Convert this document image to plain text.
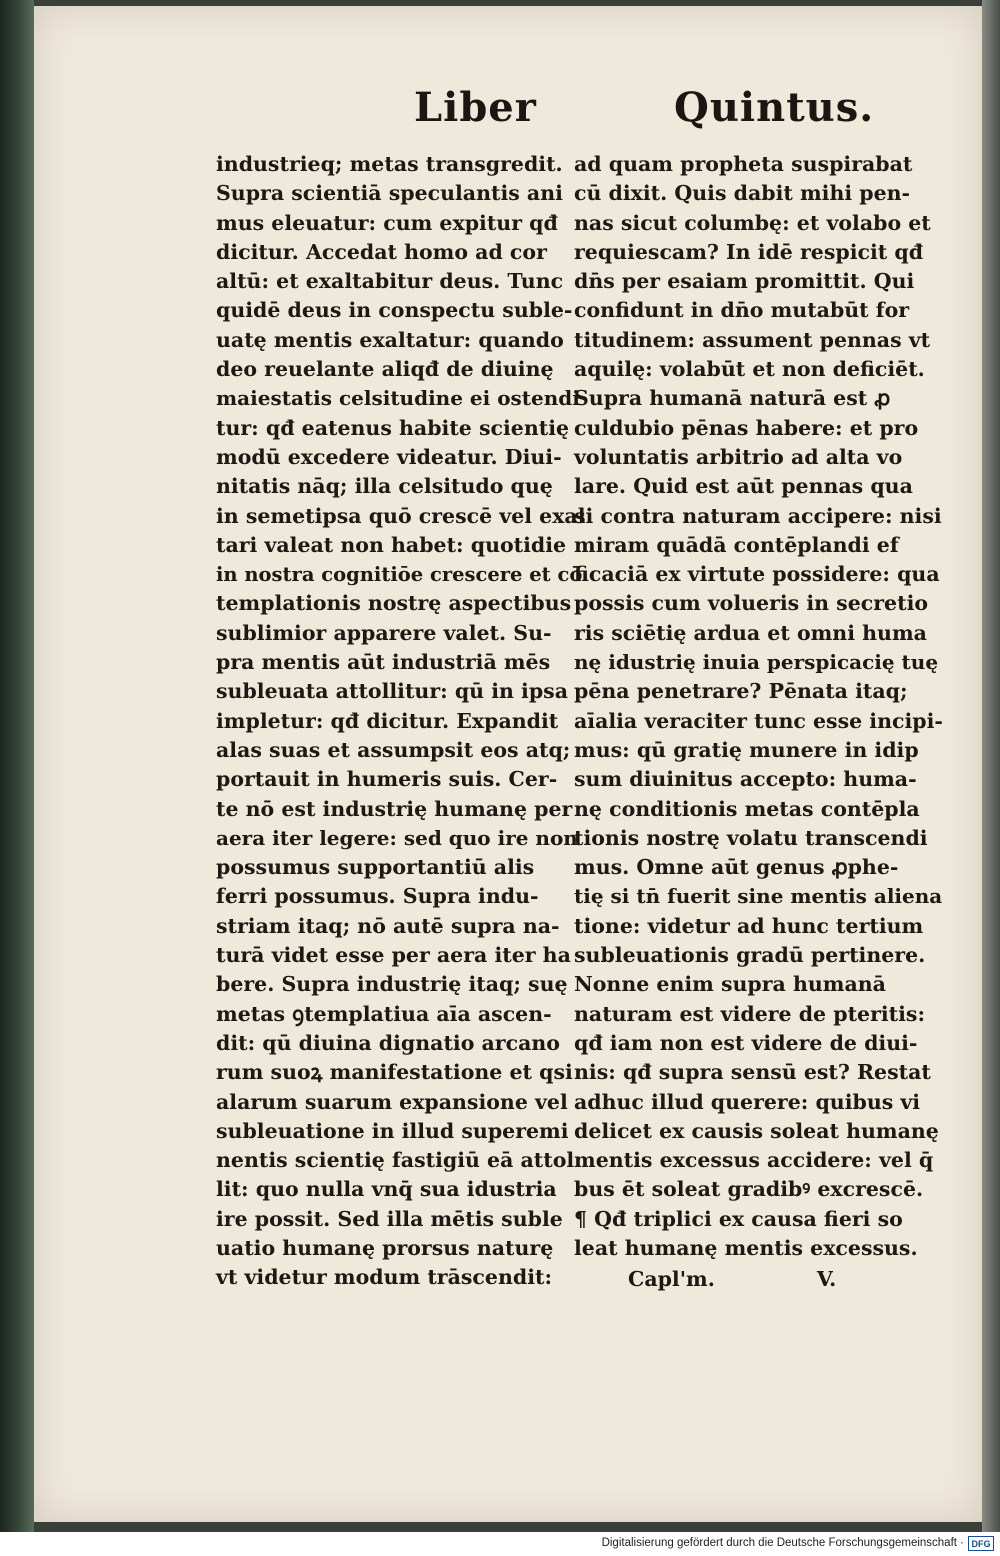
Liber	Quintus.
industrieq; metas transgredit.
Supra scientiā speculantis ani
mus eleuatur: cum expitur qđ
dicitur. Accedat homo ad cor
altū: et exaltabitur deus. Tunc
quidē deus in conspectu suble-
uatę mentis exaltatur: quando
deo reuelante aliqđ de diuinę
maiestatis celsitudine ei ostendi
tur: qđ eatenus habite scientię
modū excedere videatur. Diui-
nitatis nāq; illa celsitudo quę
in semetipsa quō crescē vel exal
tari valeat non habet: quotidie
in nostra cognitiōe crescere et cō
templationis nostrę aspectibus
sublimior apparere valet. Su-
pra mentis aūt industriā mēs
subleuata attollitur: qū in ipsa
impletur: qđ dicitur. Expandit
alas suas et assumpsit eos atq;
portauit in humeris suis. Cer-
te nō est industrię humanę per
aera iter legere: sed quo ire non
possumus supportantiū alis
ferri possumus. Supra indu-
striam itaq; nō autē supra na-
turā videt esse per aera iter ha
bere. Supra industrię itaq; suę
metas ꝯtemplatiua aīa ascen-
dit: qū diuina dignatio arcano
rum suoꝝ manifestatione et qsi
alarum suarum expansione vel
subleuatione in illud superemi
nentis scientię fastigiū eā attol
lit: quo nulla vnq̄ sua idustria
ire possit. Sed illa mētis suble
uatio humanę prorsus naturę
vt videtur modum trāscendit:
ad quam propheta suspirabat
cū dixit. Quis dabit mihi pen-
nas sicut columbę: et volabo et
requiescam? In idē respicit qđ
dn̄s per esaiam promittit. Qui
confidunt in dn̄o mutabūt for
titudinem: assument pennas vt
aquilę: volabūt et non deficiēt.
Supra humanā naturā est ꝓ
culdubio pēnas habere: et pro
voluntatis arbitrio ad alta vo
lare. Quid est aūt pennas qua
si contra naturam accipere: nisi
miram quādā contēplandi ef
ficaciā ex virtute possidere: qua
possis cum volueris in secretio
ris sciētię ardua et omni huma
nę idustrię inuia perspicacię tuę
pēna penetrare? Pēnata itaq;
aīalia veraciter tunc esse incipi-
mus: qū gratię munere in idip
sum diuinitus accepto: huma-
nę conditionis metas contēpla
tionis nostrę volatu transcendi
mus. Omne aūt genus ꝓphe-
tię si tn̄ fuerit sine mentis aliena
tione: videtur ad hunc tertium
subleuationis gradū pertinere.
Nonne enim supra humanā
naturam est videre de pteritis:
qđ iam non est videre de diui-
nis: qđ supra sensū est? Restat
adhuc illud querere: quibus vi
delicet ex causis soleat humanę
mentis excessus accidere: vel q̄
bus ēt soleat gradibꝰ excrescē.
¶ Qđ triplici ex causa fieri so
leat humanę mentis excessus.
Capl'm.	V.
Digitalisierung gefördert durch die Deutsche Forschungsgemeinschaft · DFG
